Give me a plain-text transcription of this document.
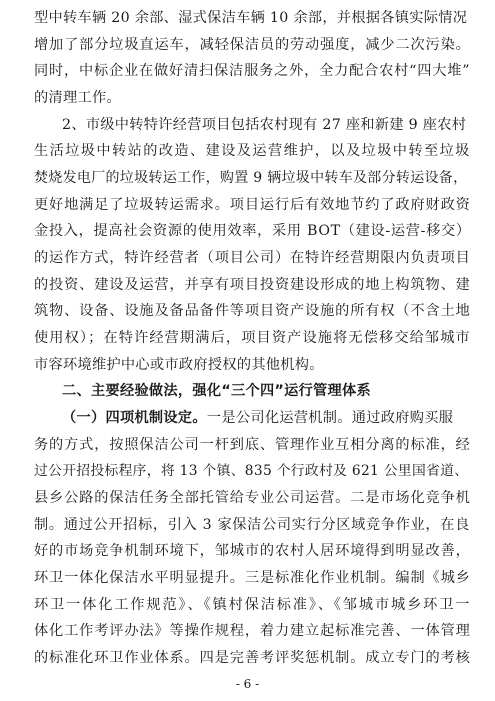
型中转车辆 20 余部、湿式保洁车辆 10 余部，并根据各镇实际情况
增加了部分垃圾直运车，减轻保洁员的劳动强度，减少二次污染。
同时，中标企业在做好清扫保洁服务之外，全力配合农村“四大堆”
的清理工作。
2、市级中转特许经营项目包括农村现有 27 座和新建 9 座农村
生活垃圾中转站的改造、建设及运营维护，以及垃圾中转至垃圾
焚烧发电厂的垃圾转运工作，购置 9 辆垃圾中转车及部分转运设备，
更好地满足了垃圾转运需求。项目运行后有效地节约了政府财政资
金投入，提高社会资源的使用效率，采用 BOT（建设-运营-移交）
的运作方式，特许经营者（项目公司）在特许经营期限内负责项目
的投资、建设及运营，并享有项目投资建设形成的地上构筑物、建
筑物、设备、设施及备品备件等项目资产设施的所有权（不含土地
使用权）；在特许经营期满后，项目资产设施将无偿移交给邹城市
市容环境维护中心或市政府授权的其他机构。
二、主要经验做法，强化“三个四”运行管理体系
（一）四项机制设定。一是公司化运营机制。通过政府购买服
务的方式，按照保洁公司一杆到底、管理作业互相分离的标准，经
过公开招投标程序，将 13 个镇、835 个行政村及 621 公里国省道、
县乡公路的保洁任务全部托管给专业公司运营。二是市场化竞争机
制。通过公开招标，引入 3 家保洁公司实行分区域竞争作业，在良
好的市场竞争机制环境下，邹城市的农村人居环境得到明显改善，
环卫一体化保洁水平明显提升。三是标准化作业机制。编制《城乡
环卫一体化工作规范》、《镇村保洁标准》、《邹城市城乡环卫一
体化工作考评办法》等操作规程，着力建立起标准完善、一体管理
的标准化环卫作业体系。四是完善考评奖惩机制。成立专门的考核
- 6 -
